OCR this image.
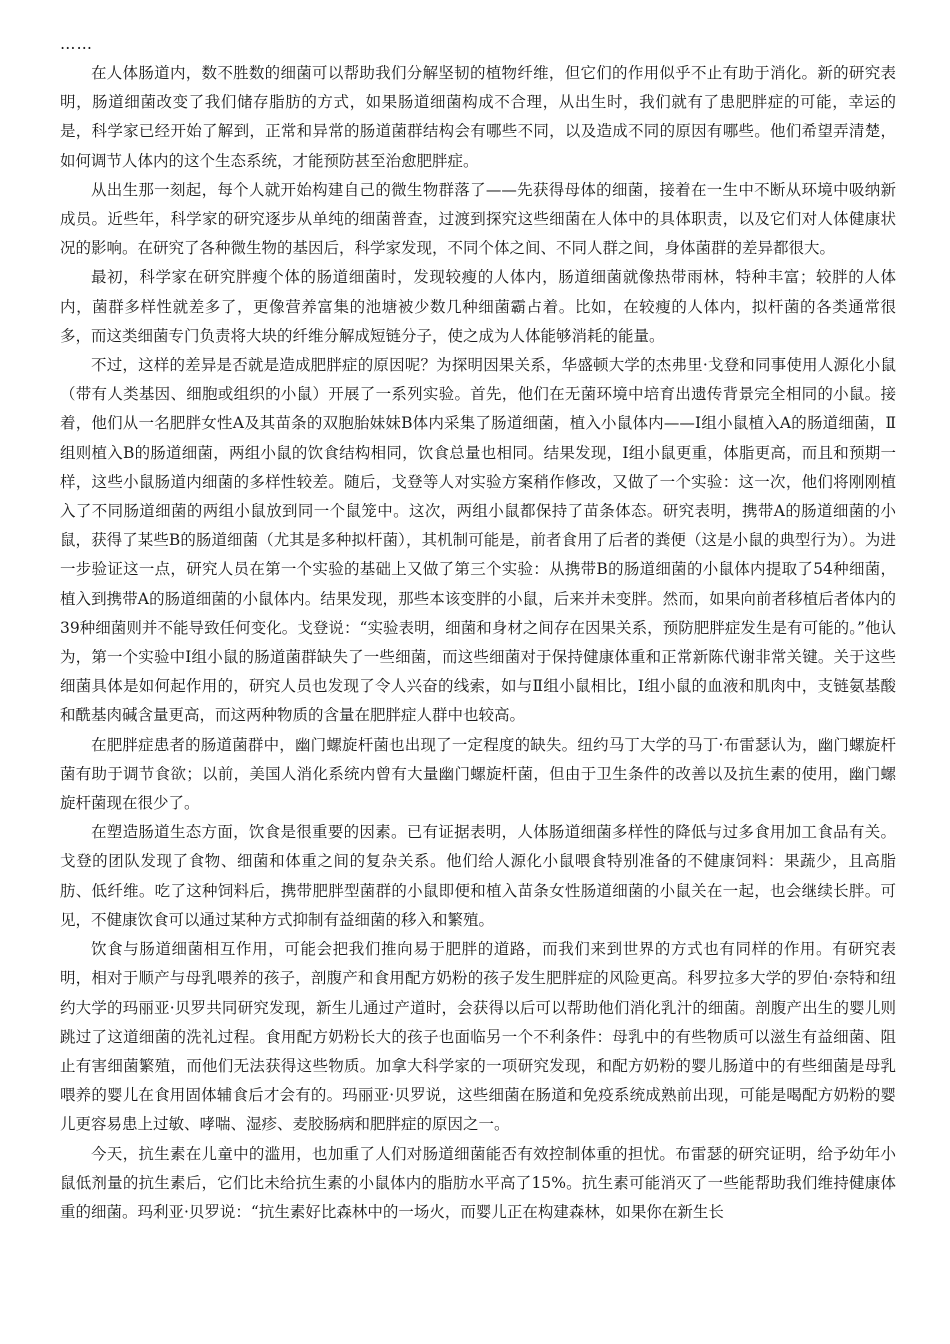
……

在人体肠道内，数不胜数的细菌可以帮助我们分解坚韧的植物纤维，但它们的作用似乎不止有助于消化。新的研究表明，肠道细菌改变了我们储存脂肪的方式，如果肠道细菌构成不合理，从出生时，我们就有了患肥胖症的可能，幸运的是，科学家已经开始了解到，正常和异常的肠道菌群结构会有哪些不同，以及造成不同的原因有哪些。他们希望弄清楚，如何调节人体内的这个生态系统，才能预防甚至治愈肥胖症。

从出生那一刻起，每个人就开始构建自己的微生物群落了——先获得母体的细菌，接着在一生中不断从环境中吸纳新成员。近些年，科学家的研究逐步从单纯的细菌普查，过渡到探究这些细菌在人体中的具体职责，以及它们对人体健康状况的影响。在研究了各种微生物的基因后，科学家发现，不同个体之间、不同人群之间，身体菌群的差异都很大。

最初，科学家在研究胖瘦个体的肠道细菌时，发现较瘦的人体内，肠道细菌就像热带雨林，特种丰富；较胖的人体内，菌群多样性就差多了，更像营养富集的池塘被少数几种细菌霸占着。比如，在较瘦的人体内，拟杆菌的各类通常很多，而这类细菌专门负责将大块的纤维分解成短链分子，使之成为人体能够消耗的能量。

不过，这样的差异是否就是造成肥胖症的原因呢？为探明因果关系，华盛顿大学的杰弗里·戈登和同事使用人源化小鼠（带有人类基因、细胞或组织的小鼠）开展了一系列实验。首先，他们在无菌环境中培育出遗传背景完全相同的小鼠。接着，他们从一名肥胖女性A及其苗条的双胞胎妹妹B体内采集了肠道细菌，植入小鼠体内——Ⅰ组小鼠植入A的肠道细菌，Ⅱ组则植入B的肠道细菌，两组小鼠的饮食结构相同，饮食总量也相同。结果发现，Ⅰ组小鼠更重，体脂更高，而且和预期一样，这些小鼠肠道内细菌的多样性较差。随后，戈登等人对实验方案稍作修改，又做了一个实验：这一次，他们将刚刚植入了不同肠道细菌的两组小鼠放到同一个鼠笼中。这次，两组小鼠都保持了苗条体态。研究表明，携带A的肠道细菌的小鼠，获得了某些B的肠道细菌（尤其是多种拟杆菌），其机制可能是，前者食用了后者的粪便（这是小鼠的典型行为）。为进一步验证这一点，研究人员在第一个实验的基础上又做了第三个实验：从携带B的肠道细菌的小鼠体内提取了54种细菌，植入到携带A的肠道细菌的小鼠体内。结果发现，那些本该变胖的小鼠，后来并未变胖。然而，如果向前者移植后者体内的39种细菌则并不能导致任何变化。戈登说：“实验表明，细菌和身材之间存在因果关系，预防肥胖症发生是有可能的。”他认为，第一个实验中Ⅰ组小鼠的肠道菌群缺失了一些细菌，而这些细菌对于保持健康体重和正常新陈代谢非常关键。关于这些细菌具体是如何起作用的，研究人员也发现了令人兴奋的线索，如与Ⅱ组小鼠相比，Ⅰ组小鼠的血液和肌肉中，支链氨基酸和酰基肉碱含量更高，而这两种物质的含量在肥胖症人群中也较高。

在肥胖症患者的肠道菌群中，幽门螺旋杆菌也出现了一定程度的缺失。纽约马丁大学的马丁·布雷瑟认为，幽门螺旋杆菌有助于调节食欲；以前，美国人消化系统内曾有大量幽门螺旋杆菌，但由于卫生条件的改善以及抗生素的使用，幽门螺旋杆菌现在很少了。

在塑造肠道生态方面，饮食是很重要的因素。已有证据表明，人体肠道细菌多样性的降低与过多食用加工食品有关。戈登的团队发现了食物、细菌和体重之间的复杂关系。他们给人源化小鼠喂食特别准备的不健康饲料：果蔬少，且高脂肪、低纤维。吃了这种饲料后，携带肥胖型菌群的小鼠即便和植入苗条女性肠道细菌的小鼠关在一起，也会继续长胖。可见，不健康饮食可以通过某种方式抑制有益细菌的移入和繁殖。

饮食与肠道细菌相互作用，可能会把我们推向易于肥胖的道路，而我们来到世界的方式也有同样的作用。有研究表明，相对于顺产与母乳喂养的孩子，剖腹产和食用配方奶粉的孩子发生肥胖症的风险更高。科罗拉多大学的罗伯·奈特和纽约大学的玛丽亚·贝罗共同研究发现，新生儿通过产道时，会获得以后可以帮助他们消化乳汁的细菌。剖腹产出生的婴儿则跳过了这道细菌的洗礼过程。食用配方奶粉长大的孩子也面临另一个不利条件：母乳中的有些物质可以滋生有益细菌、阻止有害细菌繁殖，而他们无法获得这些物质。加拿大科学家的一项研究发现，和配方奶粉的婴儿肠道中的有些细菌是母乳喂养的婴儿在食用固体辅食后才会有的。玛丽亚·贝罗说，这些细菌在肠道和免疫系统成熟前出现，可能是喝配方奶粉的婴儿更容易患上过敏、哮喘、湿疹、麦胶肠病和肥胖症的原因之一。

今天，抗生素在儿童中的滥用，也加重了人们对肠道细菌能否有效控制体重的担忧。布雷瑟的研究证明，给予幼年小鼠低剂量的抗生素后，它们比未给抗生素的小鼠体内的脂肪水平高了15%。抗生素可能消灭了一些能帮助我们维持健康体重的细菌。玛利亚·贝罗说：“抗生素好比森林中的一场火，而婴儿正在构建森林，如果你在新生长
